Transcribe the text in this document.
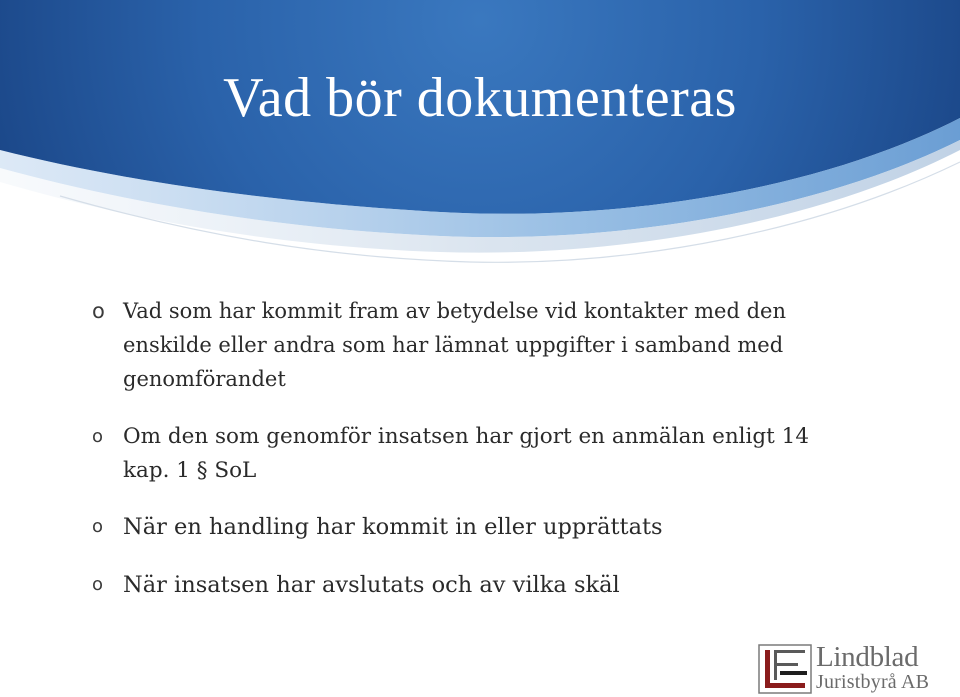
Vad bör dokumenteras
o Vad som har kommit fram av betydelse vid kontakter med den enskilde eller andra som har lämnat uppgifter i samband med genomförandet
o Om den som genomför insatsen har gjort en anmälan enligt 14 kap. 1 § SoL
o När en handling har kommit in eller upprättats
o När insatsen har avslutats och av vilka skäl
Lindblad
Juristbyrå AB
